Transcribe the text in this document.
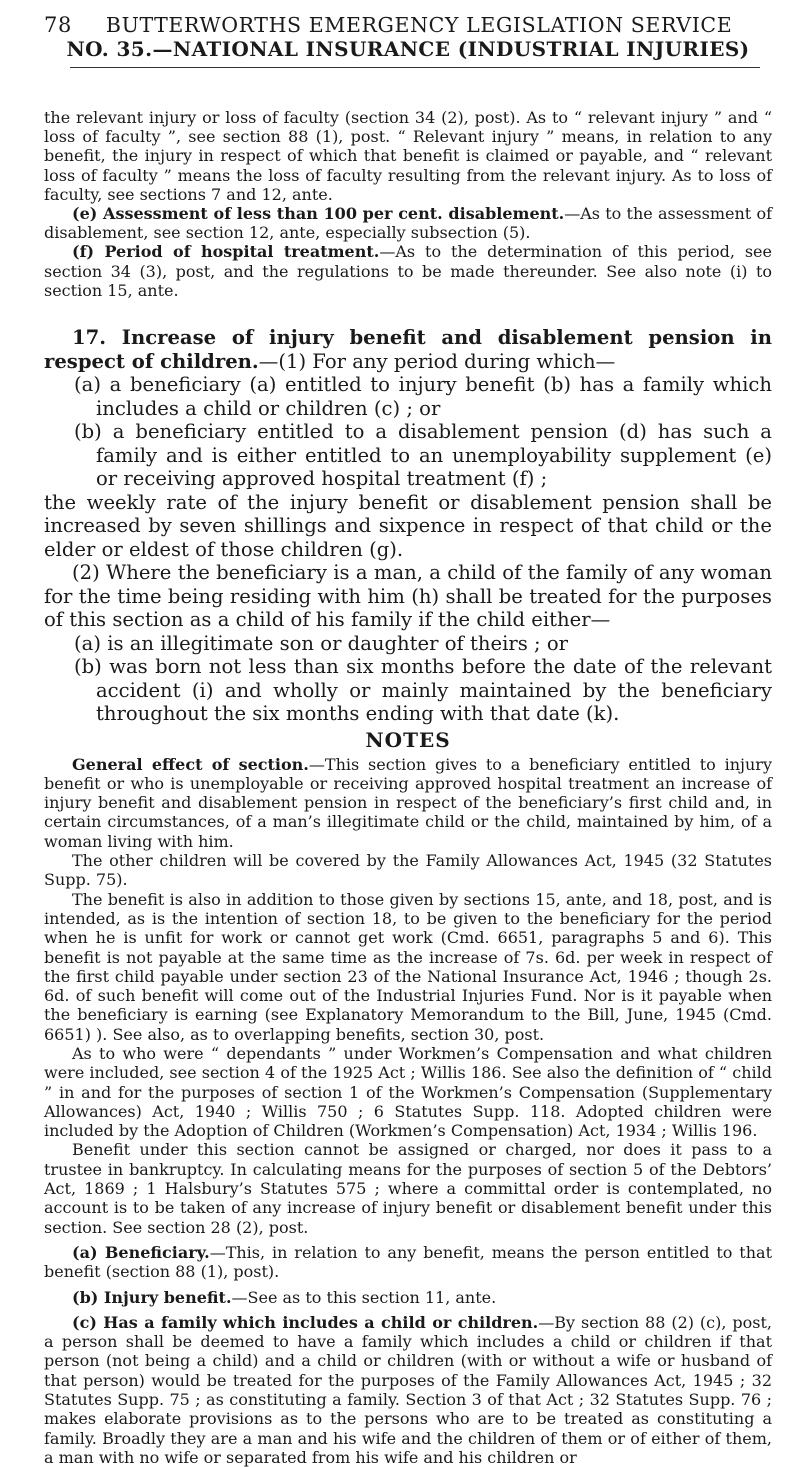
78 BUTTERWORTHS EMERGENCY LEGISLATION SERVICE
NO. 35.—NATIONAL INSURANCE (INDUSTRIAL INJURIES)

the relevant injury or loss of faculty (section 34 (2), post). As to “ relevant injury ” and “ loss of faculty ”, see section 88 (1), post. “ Relevant injury ” means, in relation to any benefit, the injury in respect of which that benefit is claimed or payable, and “ relevant loss of faculty ” means the loss of faculty resulting from the relevant injury. As to loss of faculty, see sections 7 and 12, ante.

(e) Assessment of less than 100 per cent. disablement.—As to the assessment of disablement, see section 12, ante, especially subsection (5).

(f) Period of hospital treatment.—As to the determination of this period, see section 34 (3), post, and the regulations to be made thereunder. See also note (i) to section 15, ante.

17. Increase of injury benefit and disablement pension in respect of children.—(1) For any period during which—

(a) a beneficiary (a) entitled to injury benefit (b) has a family which includes a child or children (c) ; or

(b) a beneficiary entitled to a disablement pension (d) has such a family and is either entitled to an unemployability supplement (e) or receiving approved hospital treatment (f) ;

the weekly rate of the injury benefit or disablement pension shall be increased by seven shillings and sixpence in respect of that child or the elder or eldest of those children (g).

(2) Where the beneficiary is a man, a child of the family of any woman for the time being residing with him (h) shall be treated for the purposes of this section as a child of his family if the child either—

(a) is an illegitimate son or daughter of theirs ; or

(b) was born not less than six months before the date of the relevant accident (i) and wholly or mainly maintained by the beneficiary throughout the six months ending with that date (k).

NOTES

General effect of section.—This section gives to a beneficiary entitled to injury benefit or who is unemployable or receiving approved hospital treatment an increase of injury benefit and disablement pension in respect of the beneficiary’s first child and, in certain circumstances, of a man’s illegitimate child or the child, maintained by him, of a woman living with him.

The other children will be covered by the Family Allowances Act, 1945 (32 Statutes Supp. 75).

The benefit is also in addition to those given by sections 15, ante, and 18, post, and is intended, as is the intention of section 18, to be given to the beneficiary for the period when he is unfit for work or cannot get work (Cmd. 6651, paragraphs 5 and 6). This benefit is not payable at the same time as the increase of 7s. 6d. per week in respect of the first child payable under section 23 of the National Insurance Act, 1946 ; though 2s. 6d. of such benefit will come out of the Industrial Injuries Fund. Nor is it payable when the beneficiary is earning (see Explanatory Memorandum to the Bill, June, 1945 (Cmd. 6651) ). See also, as to overlapping benefits, section 30, post.

As to who were “ dependants ” under Workmen’s Compensation and what children were included, see section 4 of the 1925 Act ; Willis 186. See also the definition of “ child ” in and for the purposes of section 1 of the Workmen’s Compensation (Supplementary Allowances) Act, 1940 ; Willis 750 ; 6 Statutes Supp. 118. Adopted children were included by the Adoption of Children (Workmen’s Compensation) Act, 1934 ; Willis 196.

Benefit under this section cannot be assigned or charged, nor does it pass to a trustee in bankruptcy. In calculating means for the purposes of section 5 of the Debtors’ Act, 1869 ; 1 Halsbury’s Statutes 575 ; where a committal order is contemplated, no account is to be taken of any increase of injury benefit or disablement benefit under this section. See section 28 (2), post.

(a) Beneficiary.—This, in relation to any benefit, means the person entitled to that benefit (section 88 (1), post).

(b) Injury benefit.—See as to this section 11, ante.

(c) Has a family which includes a child or children.—By section 88 (2) (c), post, a person shall be deemed to have a family which includes a child or children if that person (not being a child) and a child or children (with or without a wife or husband of that person) would be treated for the purposes of the Family Allowances Act, 1945 ; 32 Statutes Supp. 75 ; as constituting a family. Section 3 of that Act ; 32 Statutes Supp. 76 ; makes elaborate provisions as to the persons who are to be treated as constituting a family. Broadly they are a man and his wife and the children of them or of either of them, a man with no wife or separated from his wife and his children or
